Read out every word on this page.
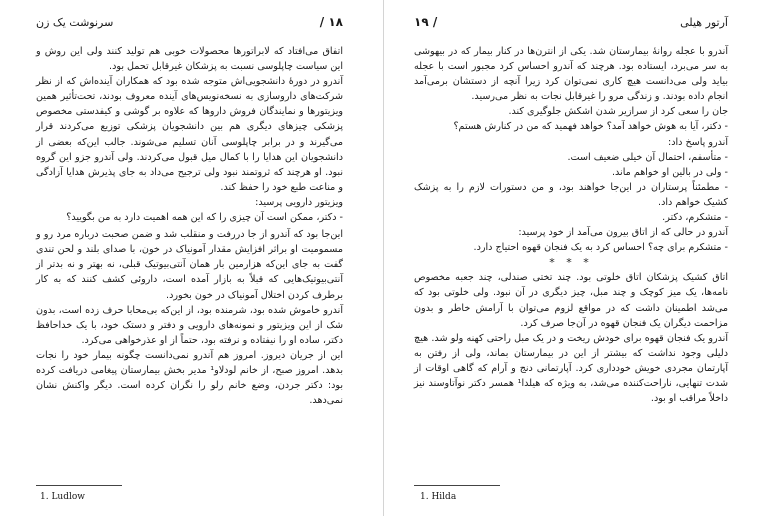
۱۸ /
سرنوشت یک زن

اتفاق می‌افتاد که لابراتورها محصولات خوبی هم تولید کنند ولی این روش و این سیاست چاپلوسی نسبت به پزشکان غیرقابل تحمل بود.

آندرو در دورهٔ دانشجویی‌اش متوجه شده بود که همکاران آینده‌اش که از نظر شرکت‌های داروسازی به نسخه‌نویس‌های آینده معروف بودند، تحت‌تأثیر همین ویزیتورها و نمایندگان فروش داروها که علاوه بر گوشی و کیفدستی مخصوص پزشکی چیزهای دیگری هم بین دانشجویان پزشکی توزیع می‌کردند قرار می‌گیرند و در برابر چاپلوسی آنان تسلیم می‌شوند. جالب این‌که بعضی از دانشجویان این هدایا را با کمال میل قبول می‌کردند. ولی آندرو جزو این گروه نبود. او هرچند که ثروتمند نبود ولی ترجیح می‌داد به جای پذیرش هدایا آزادگی و مناعت طبع خود را حفظ کند.

ویزیتور دارویی پرسید:

- دکتر، ممکن است آن چیزی را که این همه اهمیت دارد به من بگویید؟

این‌جا بود که آندرو از جا دررفت و منقلب شد و ضمن صحبت درباره مرد رو و مسمومیت او براثر افزایش مقدار آمونیاک در خون، با صدای بلند و لحن تندی گفت به جای این‌که هزارمین بار همان آنتی‌بیوتیک قبلی، نه بهتر و نه بدتر از آنتی‌بیوتیک‌هایی که قبلاً به بازار آمده است، داروئی کشف کنند که به کار برطرف کردن اختلال آمونیاک در خون بخورد.

آندرو خاموش شده بود، شرمنده بود، از این‌که بی‌محابا حرف زده است، بدون شک از این ویزیتور و نمونه‌های دارویی و دفتر و دستک خود، با یک خداحافظ دکتر، ساده او را نیفتاده و نرفته بود، حتماً از او عذرخواهی می‌کرد.

این از جریان دیروز. امروز هم آندرو نمی‌دانست چگونه بیمار خود را نجات بدهد. امروز صبح، از خانم لودلاو¹ مدیر بخش بیمارستان پیغامی دریافت کرده بود: دکتر جردن، وضع خانم رلو را نگران کرده است. دیگر واکنش نشان نمی‌دهد.

1. Ludlow
آرتور هیلی
/ ۱۹

آندرو با عجله روانهٔ بیمارستان شد. یکی از انترن‌ها در کنار بیمار که در بیهوشی به سر می‌برد، ایستاده بود. هرچند که آندرو احساس کرد مجبور است با عجله بیاید ولی می‌دانست هیچ کاری نمی‌توان کرد زیرا آنچه از دستشان برمی‌آمد انجام داده بودند. و زندگی مرو را غیرقابل نجات به نظر می‌رسید.

جان را سعی کرد از سرازیر شدن اشکش جلوگیری کند.

- دکتر، آیا به هوش خواهد آمد؟ خواهد فهمید که من در کنارش هستم؟

آندرو پاسخ داد:

- متأسفم، احتمال آن خیلی ضعیف است.

- ولی در بالین او خواهم ماند.

- مطمئناً پرستاران در این‌جا خواهند بود، و من دستورات لازم را به پزشک کشیک خواهم داد.

- متشکرم، دکتر.

آندرو در حالی که از اتاق بیرون می‌آمد از خود پرسید:

- متشکرم برای چه؟ احساس کرد به یک فنجان قهوه احتیاج دارد.

* * *

اتاق کشیک پزشکان اتاق خلوتی بود. چند تختی صندلی، چند جعبه مخصوص نامه‌ها، یک میز کوچک و چند مبل، چیز دیگری در آن نبود. ولی خلوتی بود که می‌شد اطمینان داشت که در مواقع لزوم می‌توان با آرامش خاطر و بدون مزاحمت دیگران یک فنجان قهوه در آن‌جا صرف کرد.

آندرو یک فنجان قهوه برای خودش ریخت و در یک مبل راحتی کهنه ولو شد. هیچ دلیلی وجود نداشت که بیشتر از این در بیمارستان بماند، ولی از رفتن به آپارتمان مجردی خویش خودداری کرد. آپارتمانی دنج و آرام که گاهی اوقات از شدت تنهایی، ناراحت‌کننده می‌شد، به ویژه که هیلدا¹ همسر دکتر نوآتاوسند نیز داخلاً مراقب او بود.

1. Hilda
